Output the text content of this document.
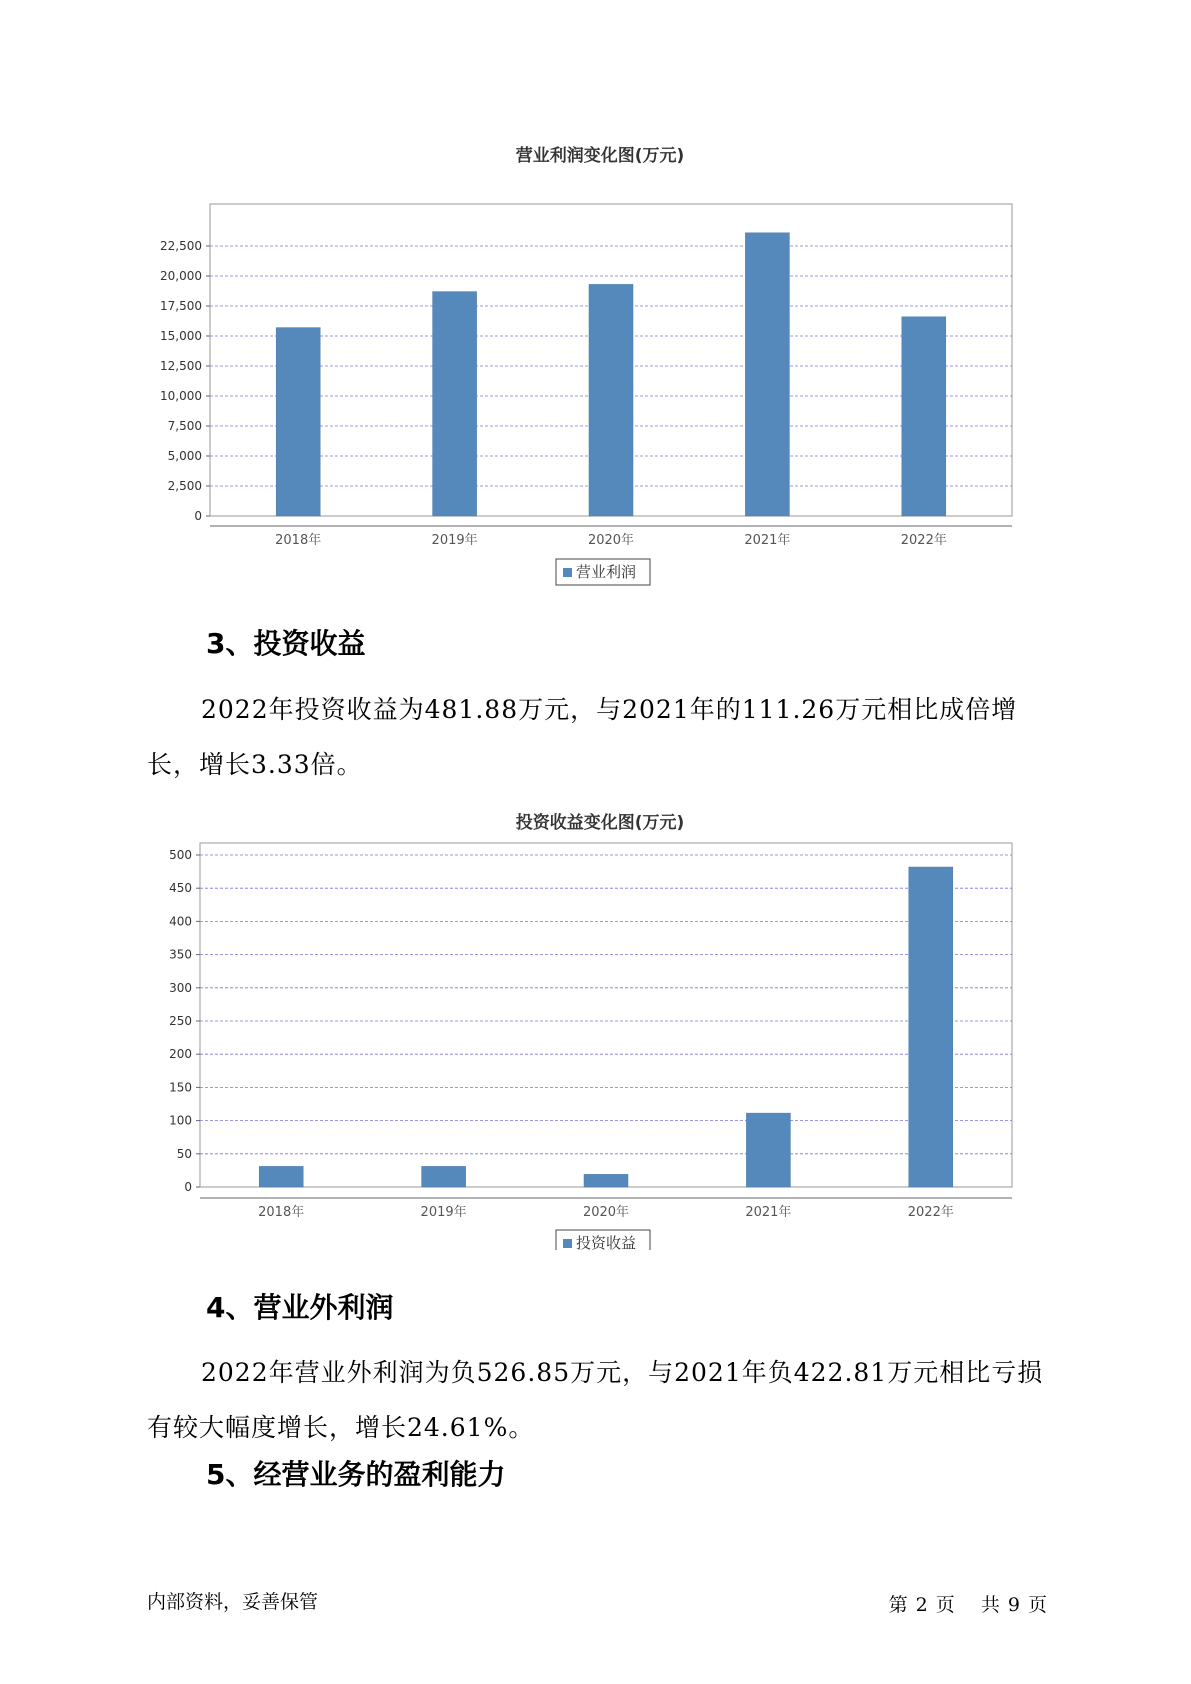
营业利润变化图(万元)
0
2,500
5,000
7,500
10,000
12,500
15,000
17,500
20,000
22,500
2018年	2019年	2020年	2021年	2022年
营业利润
3、投资收益

2022年投资收益为481.88万元，与2021年的111.26万元相比成倍增长，增长3.33倍。

投资收益变化图(万元)
0
50
100
150
200
250
300
350
400
450
500
2018年	2019年	2020年	2021年	2022年
投资收益
4、营业外利润

2022年营业外利润为负526.85万元，与2021年负422.81万元相比亏损有较大幅度增长，增长24.61%。

5、经营业务的盈利能力
内部资料，妥善保管	第 2 页 共 9 页
